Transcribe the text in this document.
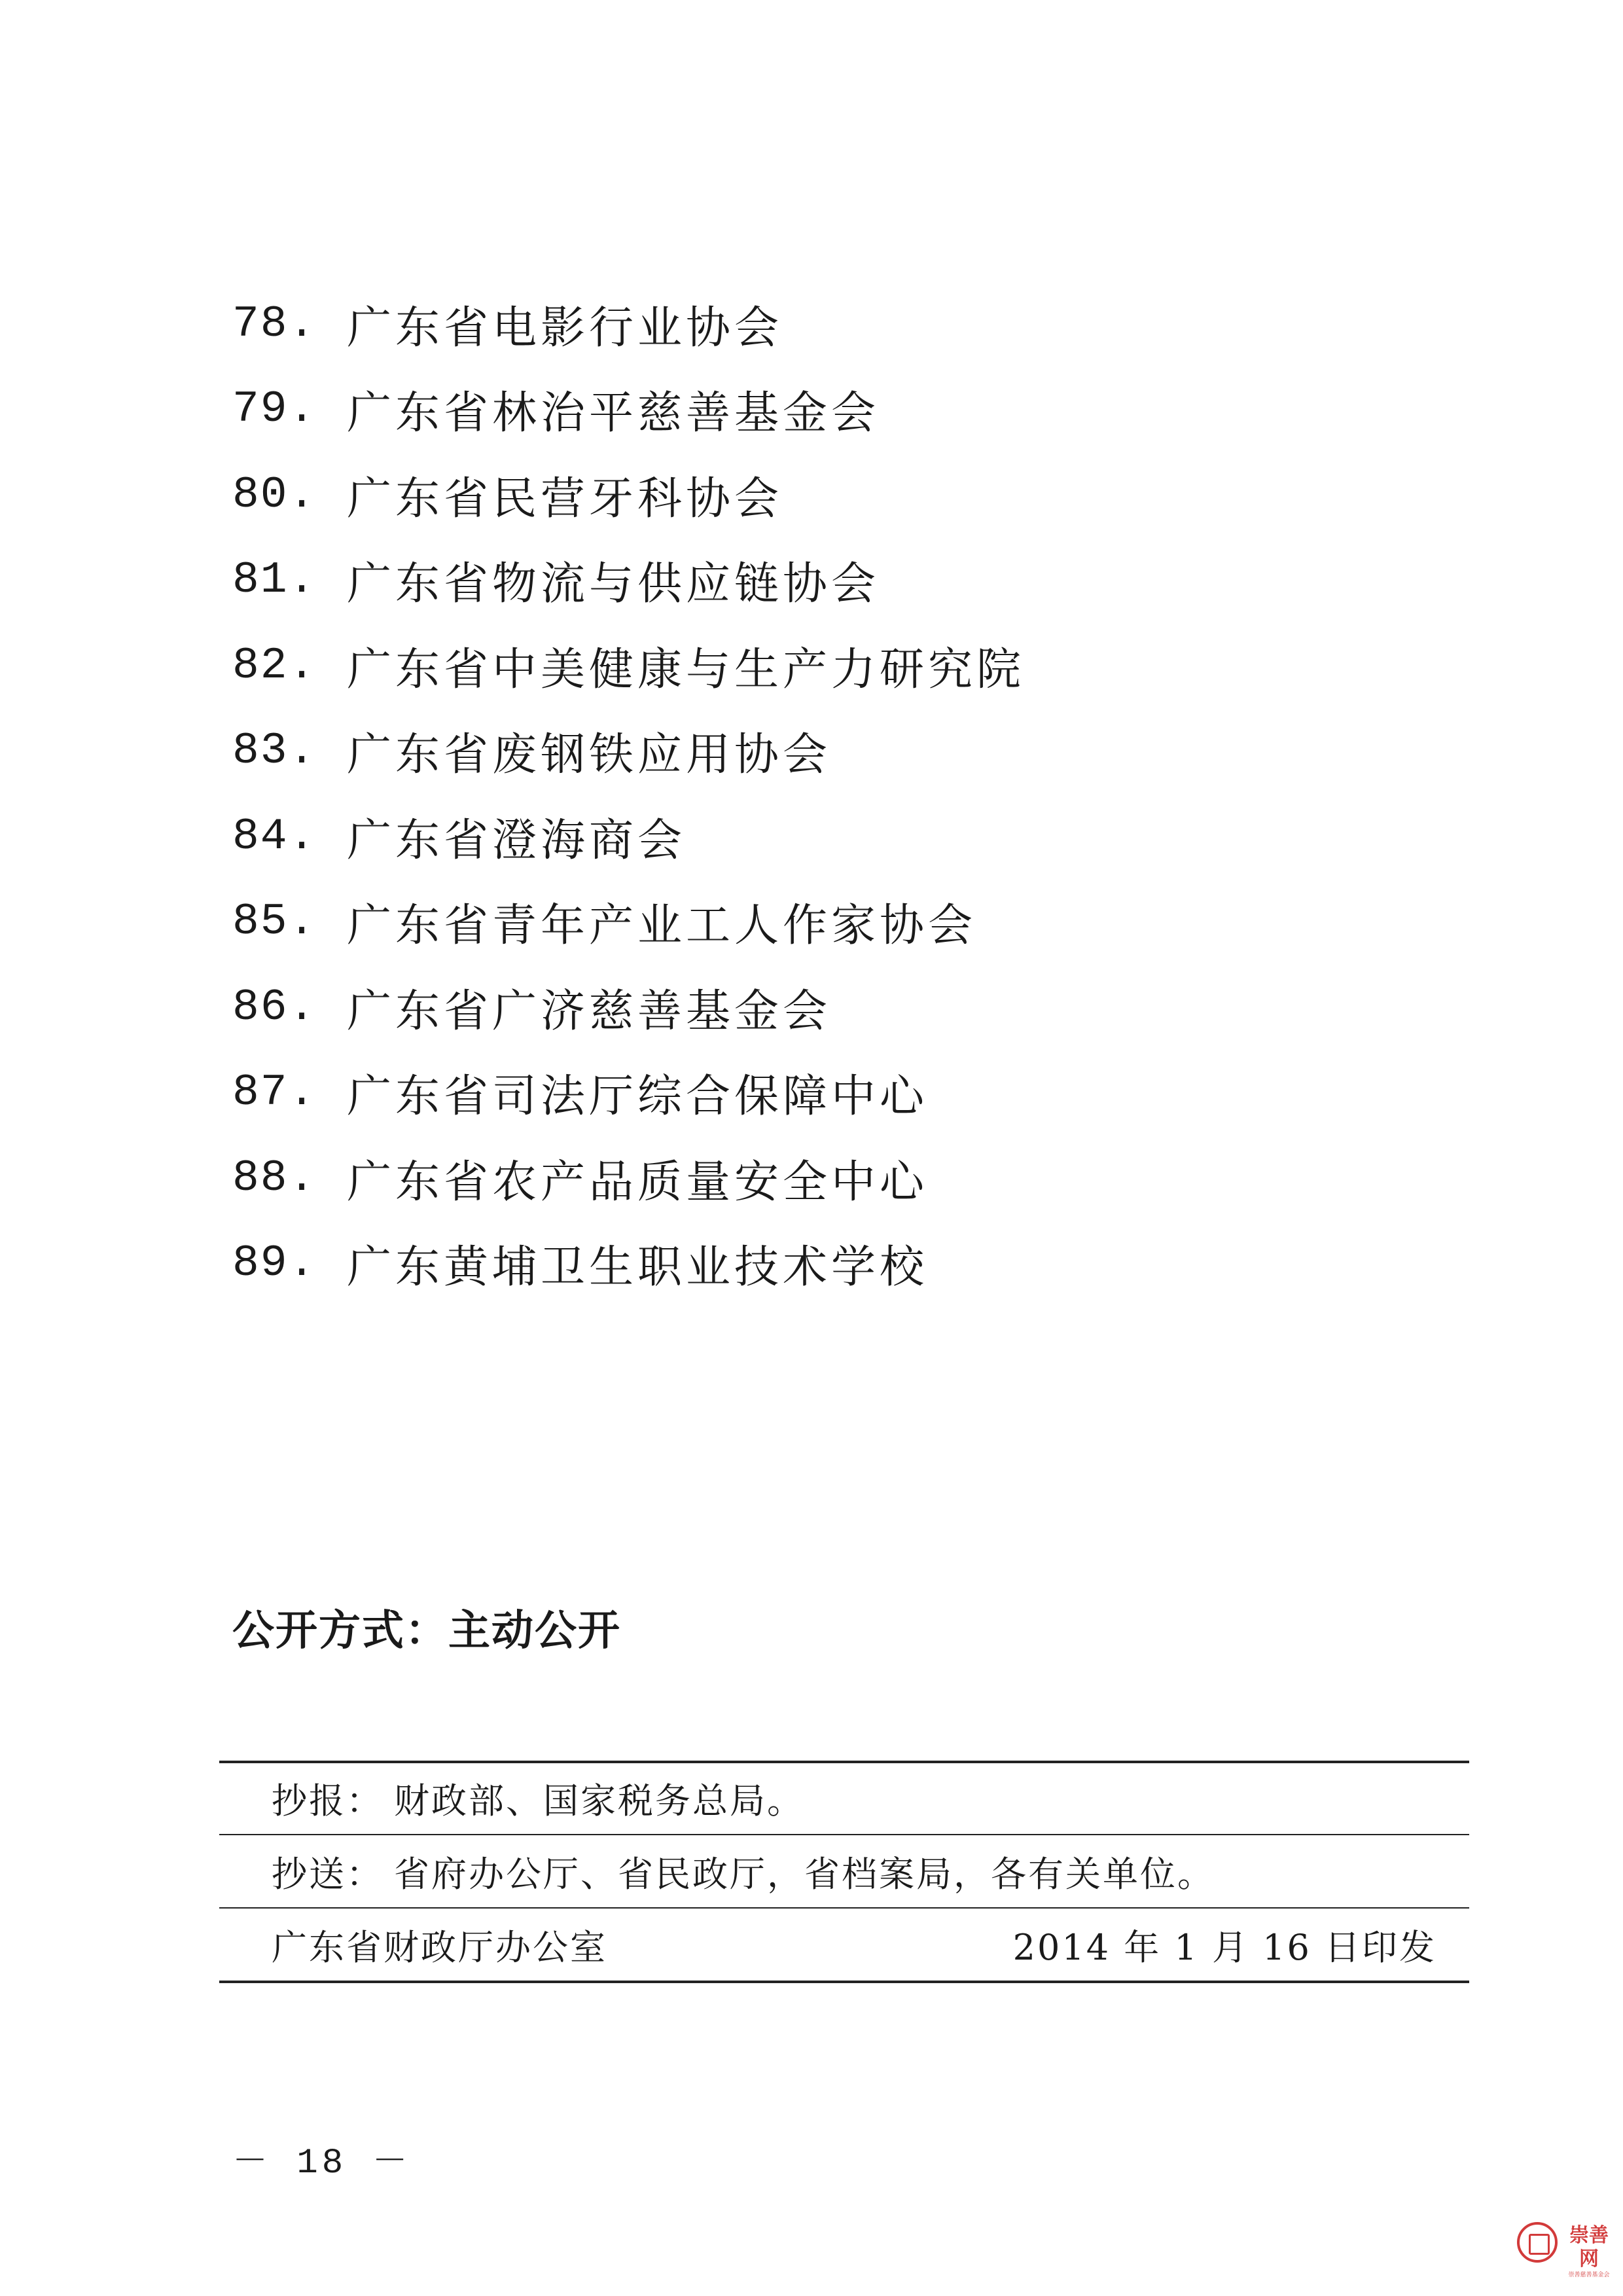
78. 广东省电影行业协会
79. 广东省林治平慈善基金会
80. 广东省民营牙科协会
81. 广东省物流与供应链协会
82. 广东省中美健康与生产力研究院
83. 广东省废钢铁应用协会
84. 广东省澄海商会
85. 广东省青年产业工人作家协会
86. 广东省广济慈善基金会
87. 广东省司法厅综合保障中心
88. 广东省农产品质量安全中心
89. 广东黄埔卫生职业技术学校
公开方式：主动公开
抄报： 财政部、国家税务总局。
抄送： 省府办公厅、省民政厅，省档案局，各有关单位。
广东省财政厅办公室	2014 年 1 月 16 日印发
－ 18 －
崇善网
崇善慈善基金会
